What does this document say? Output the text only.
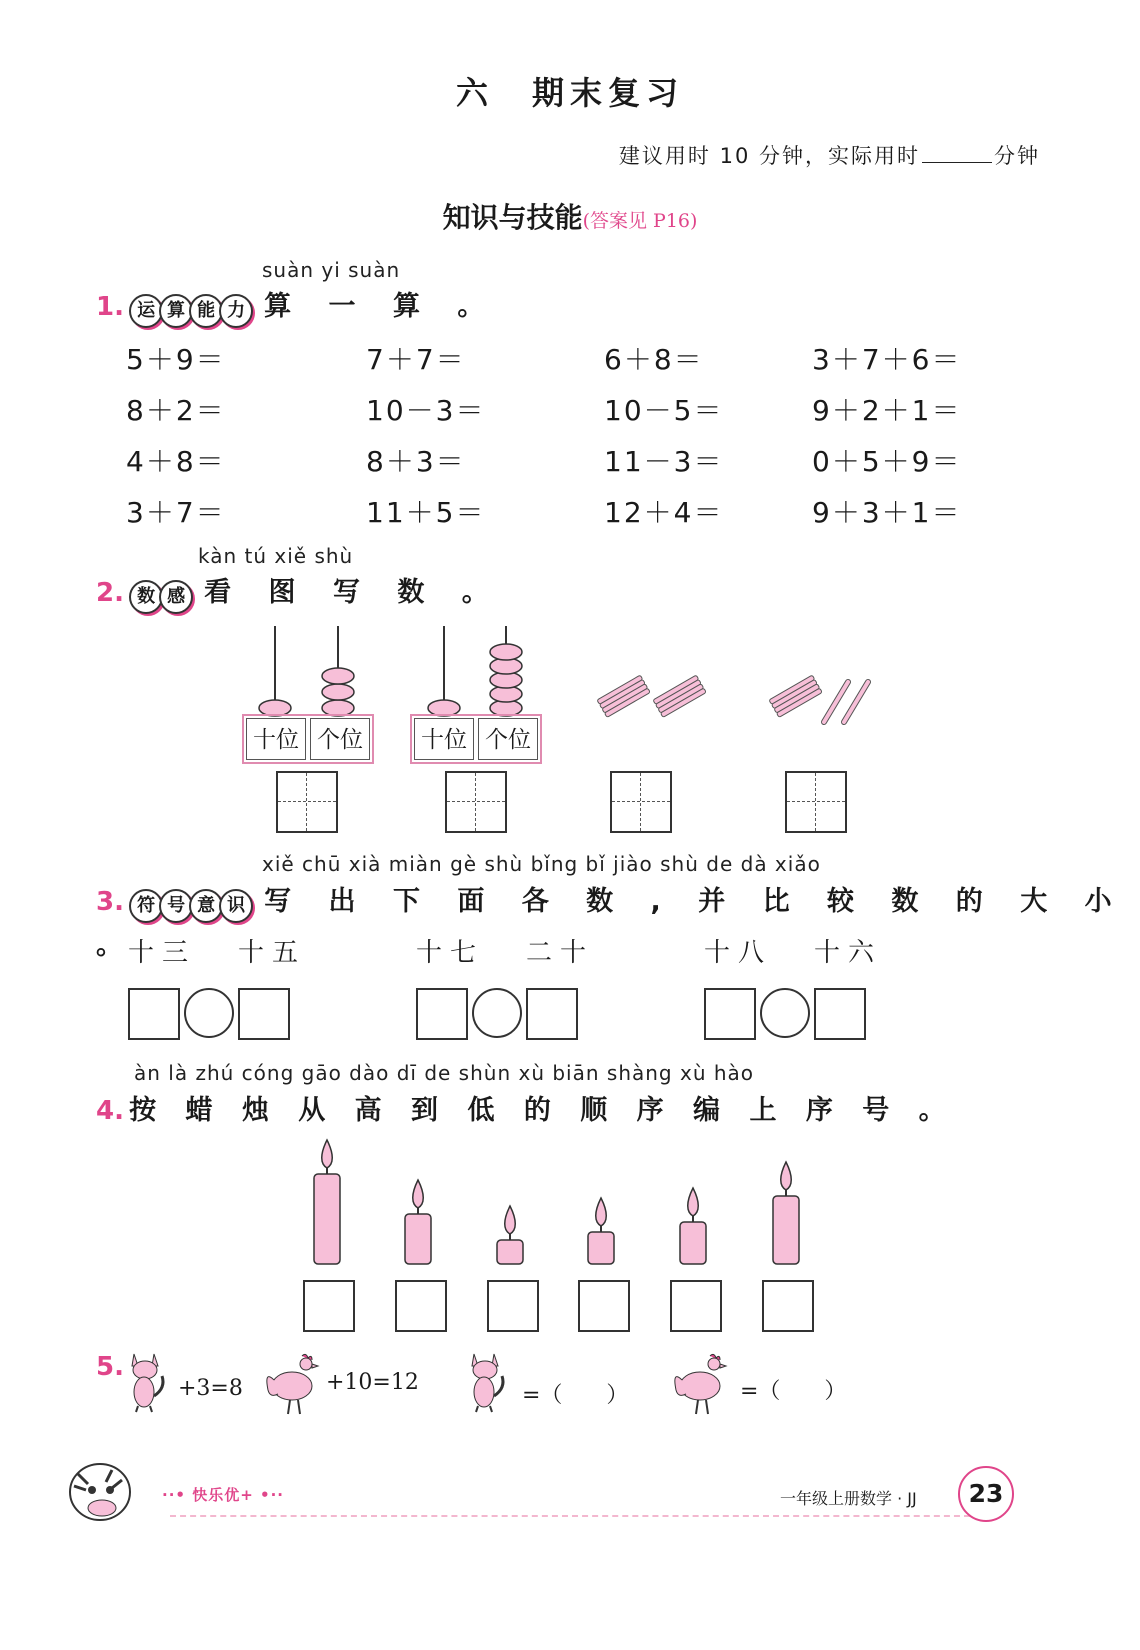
六　期末复习
建议用时 10 分钟，实际用时	分钟
知识与技能(答案见 P16)
suàn yi suàn
1. 运 算 能 力 算 一 算 。
5＋9＝	7＋7＝	6＋8＝	3＋7＋6＝
8＋2＝	10－3＝	10－5＝	9＋2＋1＝
4＋8＝	8＋3＝	11－3＝	0＋5＋9＝
3＋7＝	11＋5＝	12＋4＝	9＋3＋1＝
kàn tú xiě shù
2. 数 感 看 图 写 数 。
十位 个位	十位 个位
xiě chū xià miàn gè shù bǐng bǐ jiào shù de dà xiǎo
3. 符 号 意 识 写 出 下 面 各 数 , 并 比 较 数 的 大 小 。
十三 十五	十七 二十	十八 十六
àn là zhú cóng gāo dào dī de shùn xù biān shàng xù hào
4. 按 蜡 烛 从 高 到 低 的 顺 序 编 上 序 号 。
5.
+3=8	+10=12
=（　　）	=（　　）
··• 快乐优+ •··	一年级上册数学 · JJ	23
